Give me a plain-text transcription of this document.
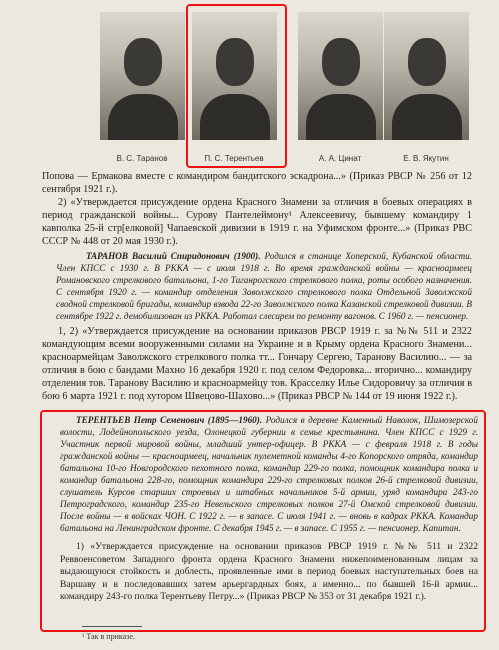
В. С. Таранов	П. С. Терентьев	А. А. Цинат	Е. В. Якутин

Попова — Ермакова вместе с командиром бандитского эскадрона...» (Приказ РВСР № 256 от 12 сентября 1921 г.).

2) «Утверждается присуждение ордена Красного Знамени за отличия в боевых операциях в период гражданской войны... Сурову Пантелеймону¹ Алексеевичу, бывшему командиру 1 кавполка 25-й стр[елковой] Чапаевской дивизии в 1919 г. на Уфимском фронте...» (Приказ РВС СССР № 448 от 20 мая 1930 г.).

ТАРАНОВ Василий Спиридонович (1900). Родился в станице Хоперской, Кубанской области. Член КПСС с 1930 г. В РККА — с июля 1918 г. Во время гражданской войны — красноармеец Романовского стрелкового батальона, 1-го Таганрогского стрелкового полка, роты особого назначения. С сентября 1920 г. — командир отделения Заволжского стрелкового полка Отдельной Заволжской сводной стрелковой бригады, командир взвода 22-го Заволжского полка Казанской стрелковой дивизии. В сентябре 1922 г. демобилизован из РККА. Работал слесарем по ремонту вагонов. С 1960 г. — пенсионер.

1, 2) «Утверждается присуждение на основании приказов РВСР 1919 г. за №№ 511 и 2322 командующим всеми вооруженными силами на Украине и в Крыму ордена Красного Знамени... красноармейцам Заволжского стрелкового полка тт... Гончару Сергею, Таранову Василию... — за отличия в бою с бандами Махно 16 декабря 1920 г. под селом Федоровка... вторично... командиру отделения тов. Таранову Василию и красноармейцу тов. Красселку Илье Сидоровичу за отличия в бою 6 марта 1921 г. под хутором Швецово-Шахово...» (Приказ РВСР № 144 от 19 июня 1922 г.).

ТЕРЕНТЬЕВ Петр Семенович (1895—1960). Родился в деревне Каменный Наволок, Шимозерской волости, Лодейнопольского уезда, Олонецкой губернии в семье крестьянина. Член КПСС с 1929 г. Участник первой мировой войны, младший унтер-офицер. В РККА — с февраля 1918 г. В годы гражданской войны — красноармеец, начальник пулеметной команды 4-го Копорского отряда, командир батальона 10-го Новгородского пехотного полка, командир 229-го полка, помощник командира полка и командир батальона 228-го, помощник командира 229-го стрелковых полков 26-й стрелковой дивизии, слушатель Курсов старших строевых и штабных начальников 5-й армии, уряд командира 243-го Петроградского, командир 235-го Невельского стрелковых полков 27-й Омской стрелковой дивизии. После войны — в войсках ЧОН. С 1922 г. — в запасе. С июля 1941 г. — вновь в кадрах РККА. Командир батальона на Ленинградском фронте. С декабря 1945 г. — в запасе. С 1955 г. — пенсионер. Капитан.

1) «Утверждается присуждение на основании приказов РВСР 1919 г. №№ 511 и 2322 Реввоенсоветом Западного фронта ордена Красного Знамени нижепоименованным лицам за выдающуюся стойкость и доблесть, проявленные ими в период боевых наступательных боев на Варшаву и в последовавших затем арьергардных боях, а именно... по бывшей 16-й армии... командиру 243-го полка Терентьеву Петру...» (Приказ РВСР № 353 от 31 декабря 1921 г.).

¹ Так в приказе.
